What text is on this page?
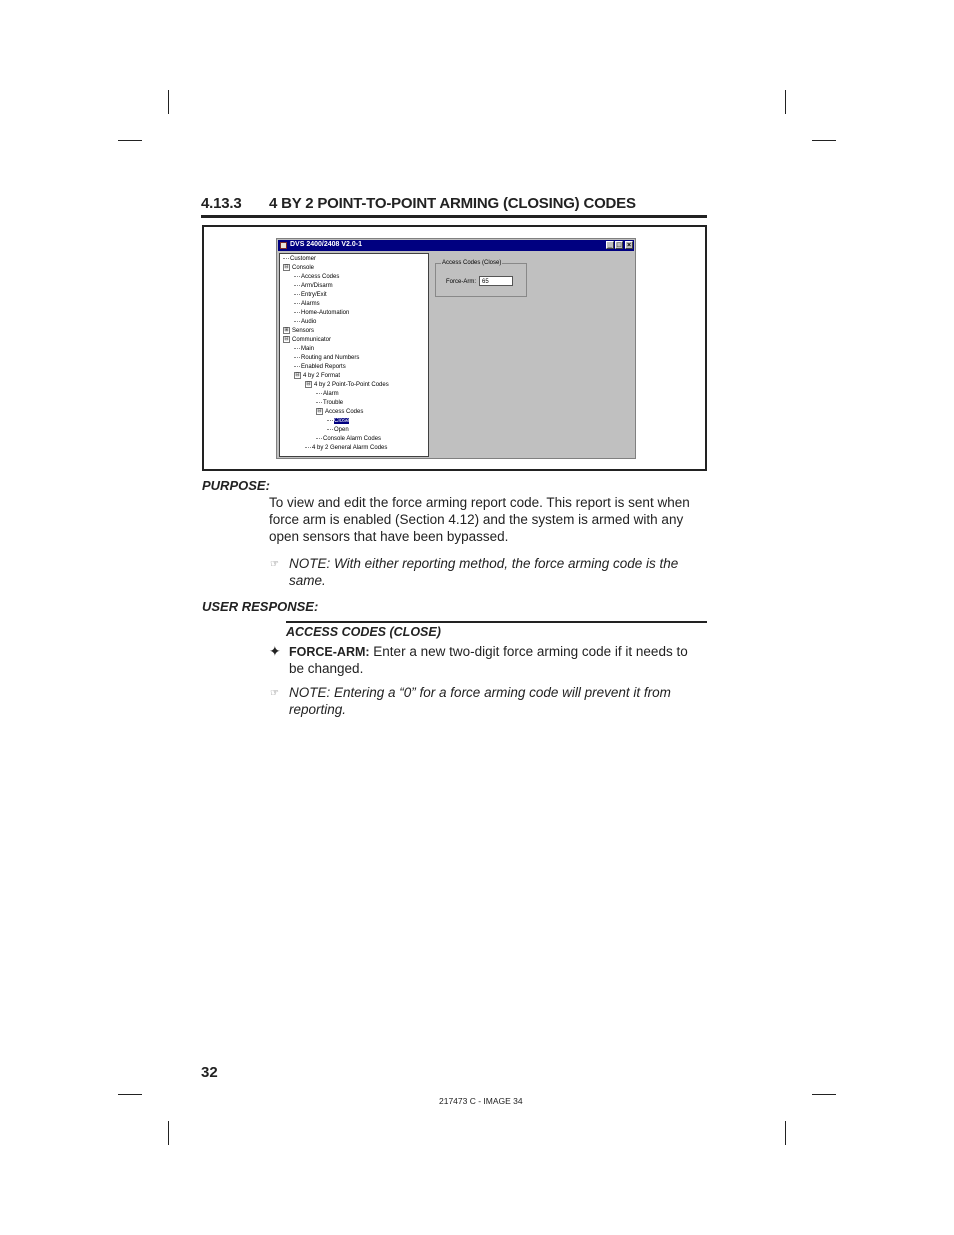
4.13.3 4 BY 2 POINT-TO-POINT ARMING (CLOSING) CODES
DVS 2400/2408 V2.0-1	_ □ ×
Customer
⊟ Console
Access Codes
Arm/Disarm
Entry/Exit
Alarms
Home-Automation
Audio
⊞ Sensors
⊟ Communicator
Main
Routing and Numbers
Enabled Reports
⊟ 4 by 2 Format
⊟ 4 by 2 Point-To-Point Codes
Alarm
Trouble
⊟ Access Codes
Close
Open
Console Alarm Codes
4 by 2 General Alarm Codes
Access Codes (Close)
Force-Arm:	65
PURPOSE:
To view and edit the force arming report code. This report is sent when
force arm is enabled (Section 4.12) and the system is armed with any
open sensors that have been bypassed.
☞ NOTE: With either reporting method, the force arming code is the
same.
USER RESPONSE:
ACCESS CODES (CLOSE)
✦ FORCE-ARM: Enter a new two-digit force arming code if it needs to
be changed.
☞ NOTE: Entering a “0” for a force arming code will prevent it from
reporting.
32
217473 C - IMAGE 34
